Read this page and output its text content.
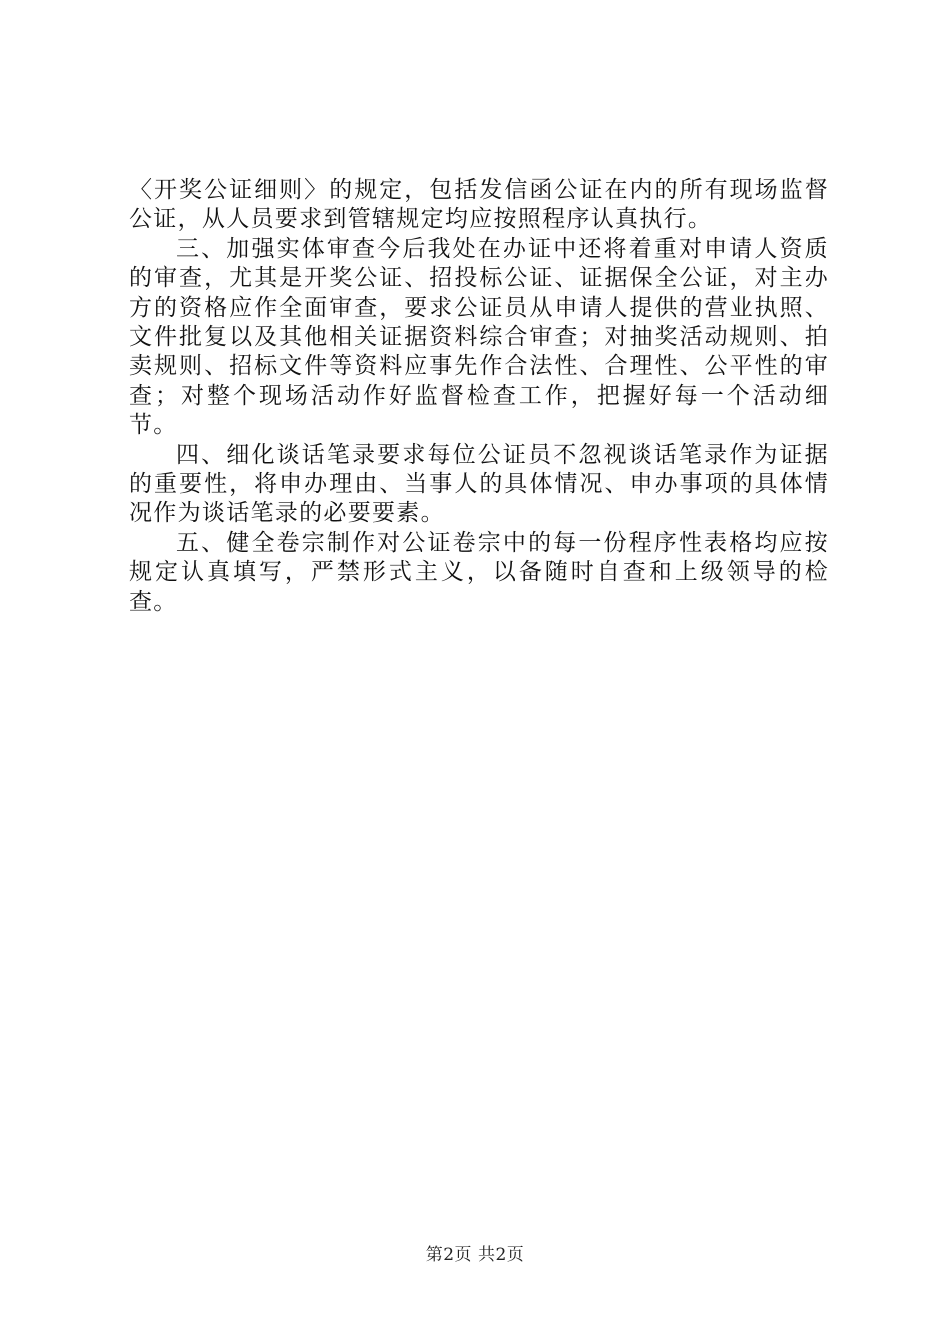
〈开奖公证细则〉的规定，包括发信函公证在内的所有现场监督公证，从人员要求到管辖规定均应按照程序认真执行。

三、加强实体审查今后我处在办证中还将着重对申请人资质的审查，尤其是开奖公证、招投标公证、证据保全公证，对主办方的资格应作全面审查，要求公证员从申请人提供的营业执照、文件批复以及其他相关证据资料综合审查；对抽奖活动规则、拍卖规则、招标文件等资料应事先作合法性、合理性、公平性的审查；对整个现场活动作好监督检查工作，把握好每一个活动细节。

四、细化谈话笔录要求每位公证员不忽视谈话笔录作为证据的重要性，将申办理由、当事人的具体情况、申办事项的具体情况作为谈话笔录的必要要素。

五、健全卷宗制作对公证卷宗中的每一份程序性表格均应按规定认真填写，严禁形式主义，以备随时自查和上级领导的检查。

第2页 共2页
